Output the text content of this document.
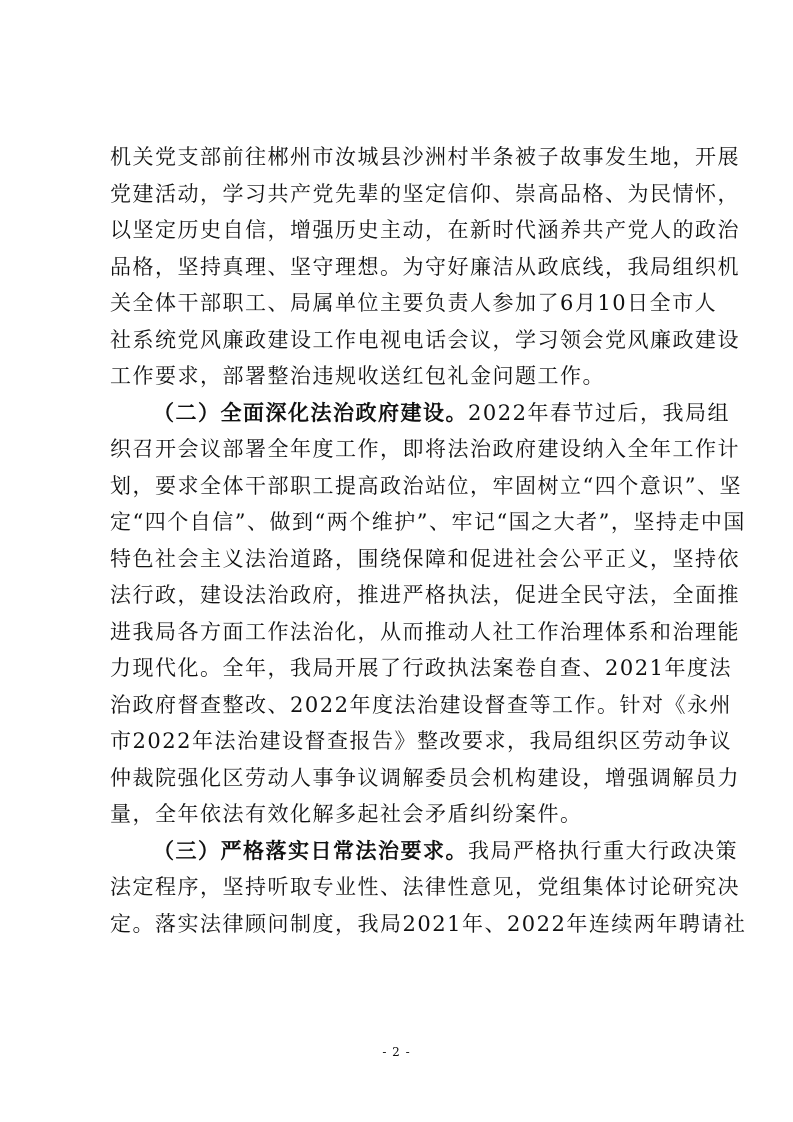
机关党支部前往郴州市汝城县沙洲村半条被子故事发生地，开展
党建活动，学习共产党先辈的坚定信仰、崇高品格、为民情怀，
以坚定历史自信，增强历史主动，在新时代涵养共产党人的政治
品格，坚持真理、坚守理想。为守好廉洁从政底线，我局组织机
关全体干部职工、局属单位主要负责人参加了6月10日全市人
社系统党风廉政建设工作电视电话会议，学习领会党风廉政建设
工作要求，部署整治违规收送红包礼金问题工作。
（二）全面深化法治政府建设。2022年春节过后，我局组
织召开会议部署全年度工作，即将法治政府建设纳入全年工作计
划，要求全体干部职工提高政治站位，牢固树立“四个意识”、坚
定“四个自信”、做到“两个维护”、牢记“国之大者”，坚持走中国
特色社会主义法治道路，围绕保障和促进社会公平正义，坚持依
法行政，建设法治政府，推进严格执法，促进全民守法，全面推
进我局各方面工作法治化，从而推动人社工作治理体系和治理能
力现代化。全年，我局开展了行政执法案卷自查、2021年度法
治政府督查整改、2022年度法治建设督查等工作。针对《永州
市2022年法治建设督查报告》整改要求，我局组织区劳动争议
仲裁院强化区劳动人事争议调解委员会机构建设，增强调解员力
量，全年依法有效化解多起社会矛盾纠纷案件。
（三）严格落实日常法治要求。我局严格执行重大行政决策
法定程序，坚持听取专业性、法律性意见，党组集体讨论研究决
定。落实法律顾问制度，我局2021年、2022年连续两年聘请社
- 2 -
